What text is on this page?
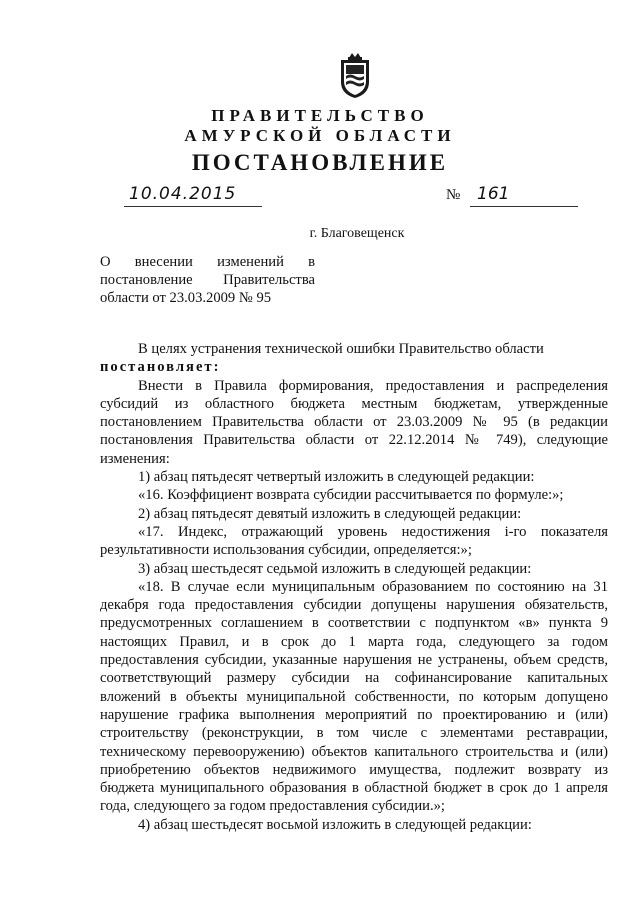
ПРАВИТЕЛЬСТВО
АМУРСКОЙ ОБЛАСТИ
ПОСТАНОВЛЕНИЕ
10.04.2015	№ 161
г. Благовещенск
О внесении изменений в
постановление Правительства
области от 23.03.2009 № 95

В целях устранения технической ошибки Правительство области

постановляет:

Внести в Правила формирования, предоставления и распределения субсидий из областного бюджета местным бюджетам, утвержденные постановлением Правительства области от 23.03.2009 № 95 (в редакции постановления Правительства области от 22.12.2014 № 749), следующие изменения:

1) абзац пятьдесят четвертый изложить в следующей редакции:

«16. Коэффициент возврата субсидии рассчитывается по формуле:»;

2) абзац пятьдесят девятый изложить в следующей редакции:

«17. Индекс, отражающий уровень недостижения i-го показателя результативности использования субсидии, определяется:»;

3) абзац шестьдесят седьмой изложить в следующей редакции:

«18. В случае если муниципальным образованием по состоянию на 31 декабря года предоставления субсидии допущены нарушения обязательств, предусмотренных соглашением в соответствии с подпунктом «в» пункта 9 настоящих Правил, и в срок до 1 марта года, следующего за годом предоставления субсидии, указанные нарушения не устранены, объем средств, соответствующий размеру субсидии на софинансирование капитальных вложений в объекты муниципальной собственности, по которым допущено нарушение графика выполнения мероприятий по проектированию и (или) строительству (реконструкции, в том числе с элементами реставрации, техническому перевооружению) объектов капитального строительства и (или) приобретению объектов недвижимого имущества, подлежит возврату из бюджета муниципального образования в областной бюджет в срок до 1 апреля года, следующего за годом предоставления субсидии.»;

4) абзац шестьдесят восьмой изложить в следующей редакции:
